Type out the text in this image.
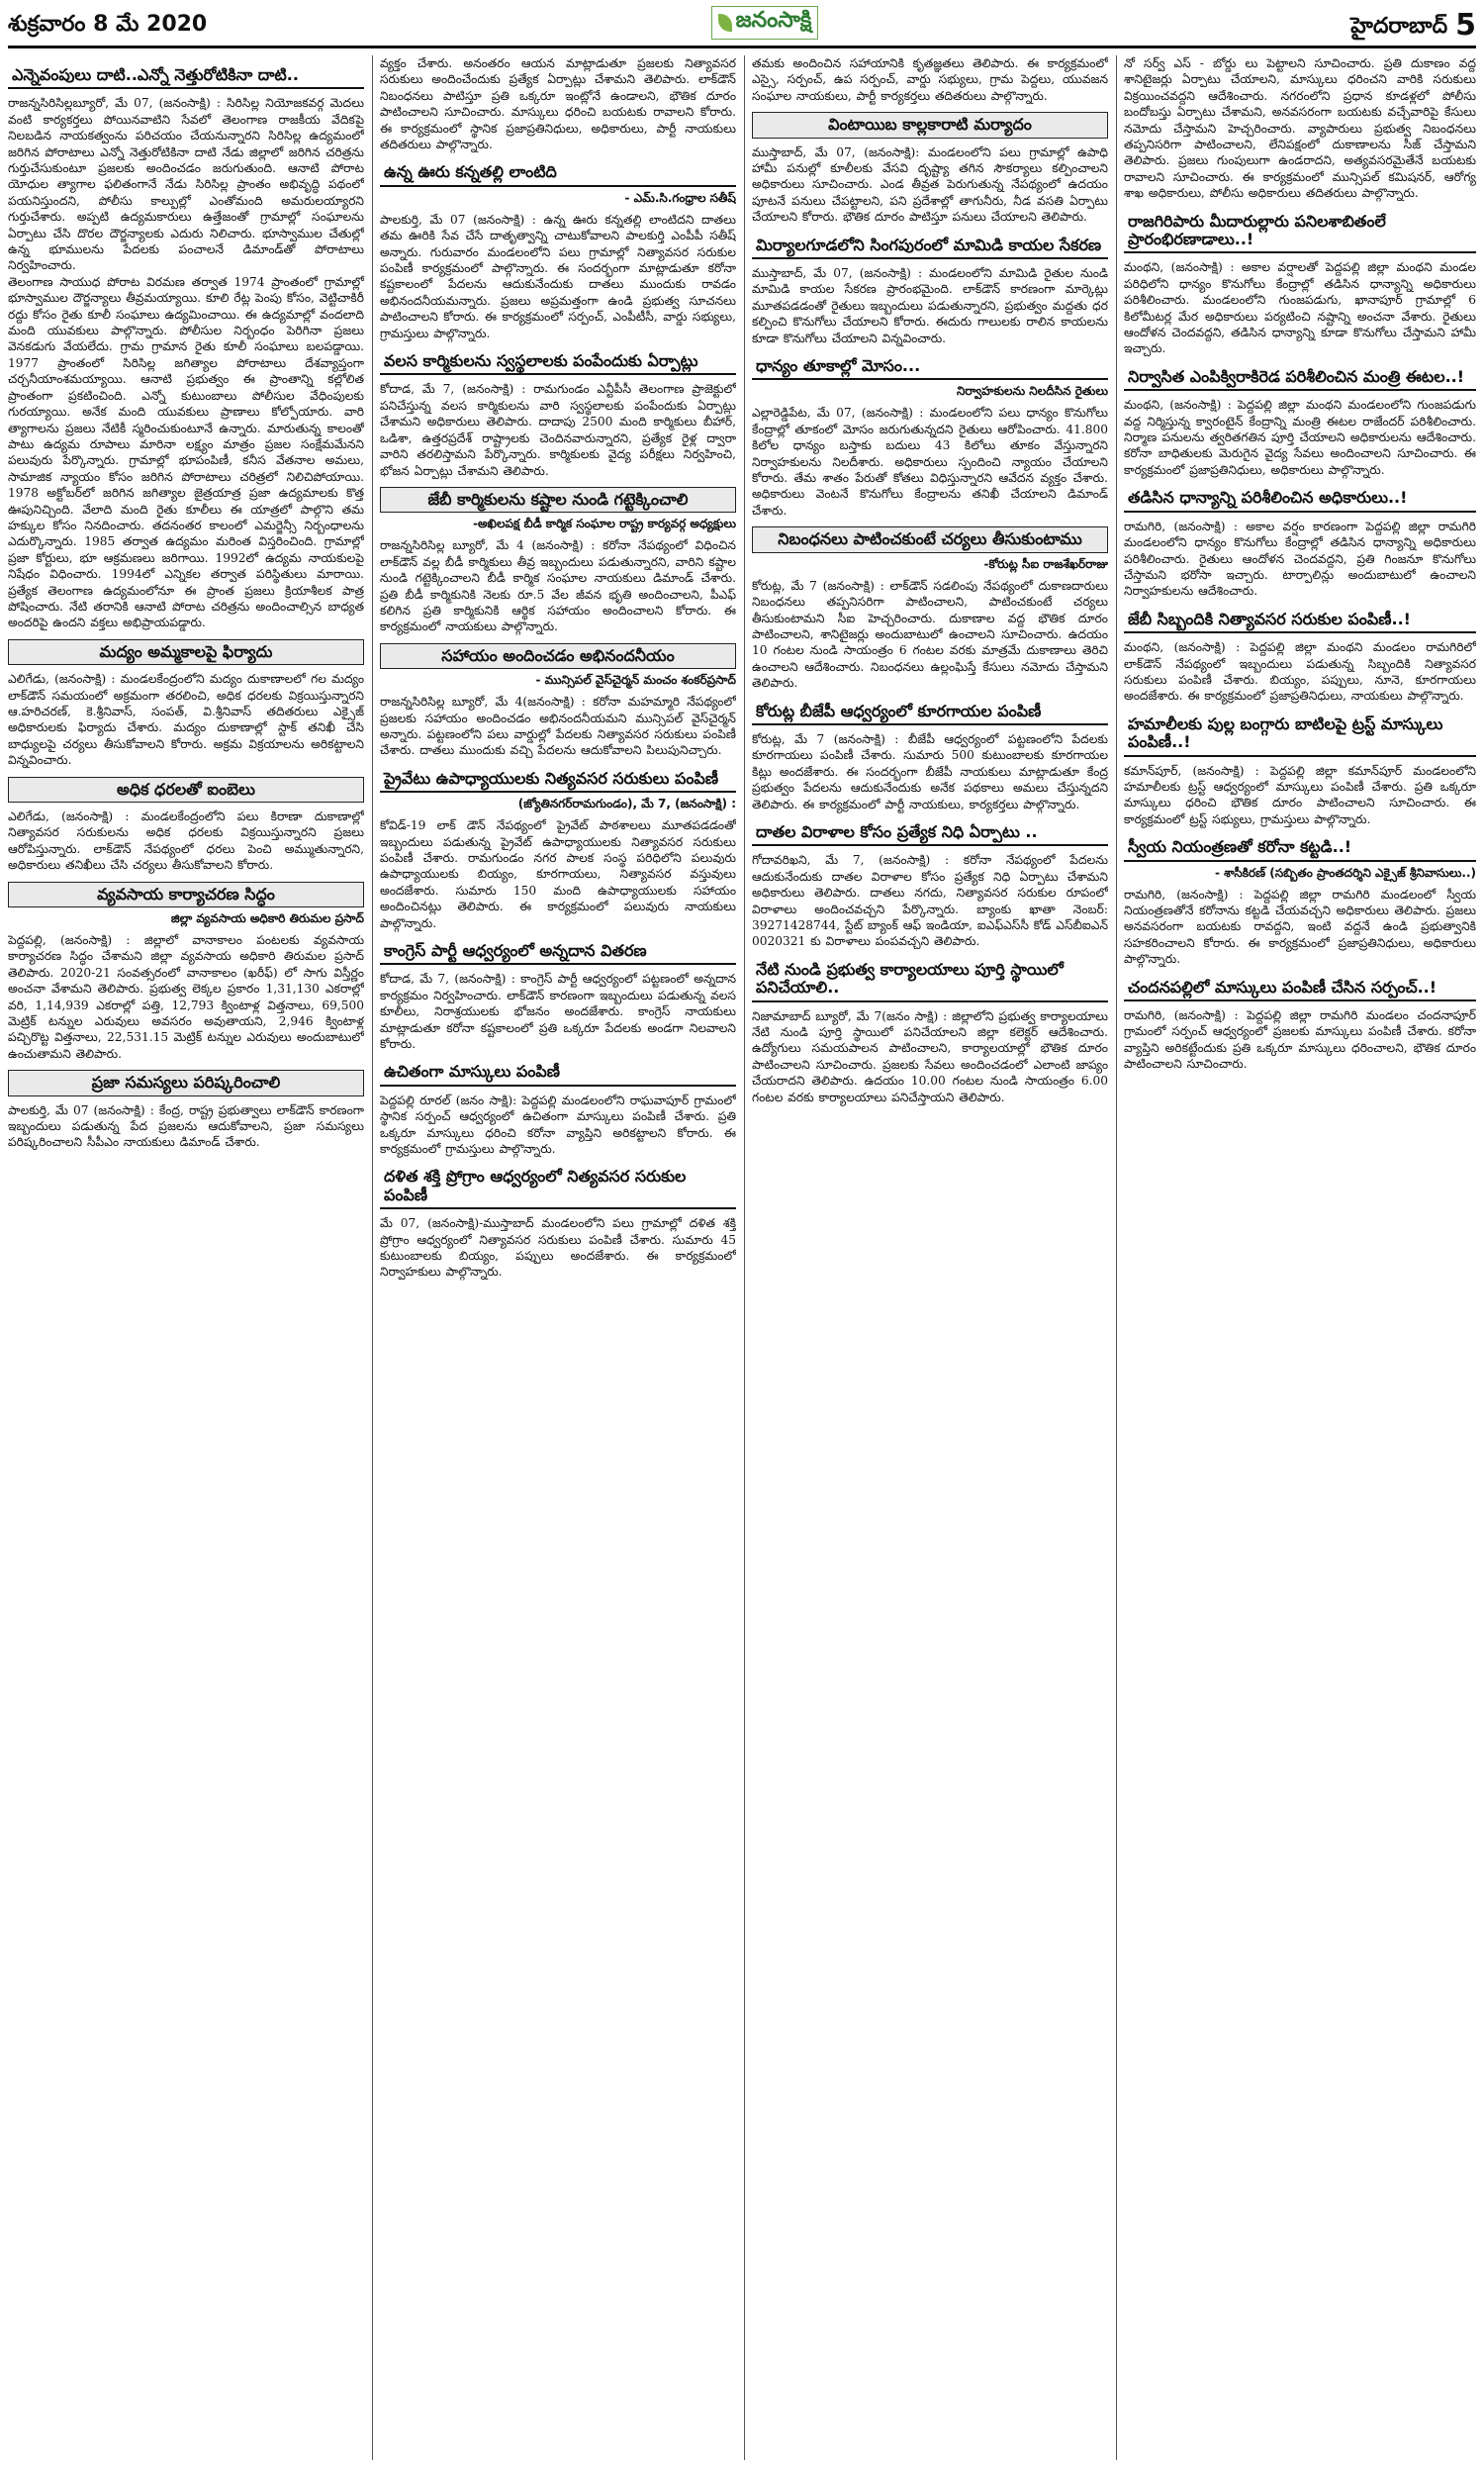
శుక్రవారం 8 మే 2020	జనంసాక్షి	హైదరాబాద్ 5
ఎన్నెవంపులు దాటి..ఎన్నో నెత్తురోటికినా దాటి..
రాజన్నసిరిసిల్లబ్యూరో, మే 07, (జనంసాక్షి) : సిరిసిల్ల నియోజకవర్గ మెదలు వంటి కార్యకర్తలు పోయినవాటిని సేవలో తెలంగాణ రాజకీయ వేదికపై నిలబడిన నాయకత్వంను పరిచయం చేయనున్నారని సిరిసిల్ల ఉద్యమంలో జరిగిన పోరాటాలు ఎన్నో నెత్తురోటికినా దాటి నేడు జిల్లాలో జరిగిన చరిత్రను గుర్తుచేసుకుంటూ ప్రజలకు అందించడం జరుగుతుంది. ఆనాటి పోరాట యోధుల త్యాగాల ఫలితంగానే నేడు సిరిసిల్ల ప్రాంతం అభివృద్ధి పథంలో పయనిస్తుందని, పోలీసు కాల్పుల్లో ఎంతోమంది అమరులయ్యారని గుర్తుచేశారు. అప్పటి ఉద్యమకారులు ఉత్తేజంతో గ్రామాల్లో సంఘాలను ఏర్పాటు చేసి దొరల దౌర్జన్యాలకు ఎదురు నిలిచారు. భూస్వాముల చేతుల్లో ఉన్న భూములను పేదలకు పంచాలనే డిమాండ్‌తో పోరాటాలు నిర్వహించారు.
తెలంగాణ సాయుధ పోరాట విరమణ తర్వాత 1974 ప్రాంతంలో గ్రామాల్లో భూస్వాముల దౌర్జన్యాలు తీవ్రమయ్యాయి. కూలి రేట్ల పెంపు కోసం, వెట్టిచాకిరీ రద్దు కోసం రైతు కూలీ సంఘాలు ఉద్యమించాయి. ఈ ఉద్యమాల్లో వందలాది మంది యువకులు పాల్గొన్నారు. పోలీసుల నిర్బంధం పెరిగినా ప్రజలు వెనకడుగు వేయలేదు. గ్రామ గ్రామాన రైతు కూలీ సంఘాలు బలపడ్డాయి. 1977 ప్రాంతంలో సిరిసిల్ల జగిత్యాల పోరాటాలు దేశవ్యాప్తంగా చర్చనీయాంశమయ్యాయి. ఆనాటి ప్రభుత్వం ఈ ప్రాంతాన్ని కల్లోలిత ప్రాంతంగా ప్రకటించింది. ఎన్నో కుటుంబాలు పోలీసుల వేధింపులకు గురయ్యాయి. అనేక మంది యువకులు ప్రాణాలు కోల్పోయారు. వారి త్యాగాలను ప్రజలు నేటికీ స్మరించుకుంటూనే ఉన్నారు. మారుతున్న కాలంతో పాటు ఉద్యమ రూపాలు మారినా లక్ష్యం మాత్రం ప్రజల సంక్షేమమేనని పలువురు పేర్కొన్నారు. గ్రామాల్లో భూపంపిణీ, కనీస వేతనాల అమలు, సామాజిక న్యాయం కోసం జరిగిన పోరాటాలు చరిత్రలో నిలిచిపోయాయి. 1978 అక్టోబర్‌లో జరిగిన జగిత్యాల జైత్రయాత్ర ప్రజా ఉద్యమాలకు కొత్త ఊపునిచ్చింది. వేలాది మంది రైతు కూలీలు ఈ యాత్రలో పాల్గొని తమ హక్కుల కోసం నినదించారు. తదనంతర కాలంలో ఎమర్జెన్సీ నిర్బంధాలను ఎదుర్కొన్నారు. 1985 తర్వాత ఉద్యమం మరింత విస్తరించింది. గ్రామాల్లో ప్రజా కోర్టులు, భూ ఆక్రమణలు జరిగాయి. 1992లో ఉద్యమ నాయకులపై నిషేధం విధించారు. 1994లో ఎన్నికల తర్వాత పరిస్థితులు మారాయి. ప్రత్యేక తెలంగాణ ఉద్యమంలోనూ ఈ ప్రాంత ప్రజలు క్రియాశీలక పాత్ర పోషించారు. నేటి తరానికి ఆనాటి పోరాట చరిత్రను అందించాల్సిన బాధ్యత అందరిపై ఉందని వక్తలు అభిప్రాయపడ్డారు.
మద్యం అమ్మకాలపై ఫిర్యాదు
ఎలిగేడు, (జనంసాక్షి) : మండలకేంద్రంలోని మద్యం దుకాణాలలో గల మద్యం లాక్‌డౌన్ సమయంలో అక్రమంగా తరలించి, అధిక ధరలకు విక్రయిస్తున్నారని ఆ.హరిచరణ్, కె.శ్రీనివాస్, సంపత్, వి.శ్రీనివాస్ తదితరులు ఎక్సైజ్ అధికారులకు ఫిర్యాదు చేశారు. మద్యం దుకాణాల్లో స్టాక్ తనిఖీ చేసి బాధ్యులపై చర్యలు తీసుకోవాలని కోరారు. అక్రమ విక్రయాలను అరికట్టాలని విన్నవించారు.
అధిక ధరలతో ఐంబెలు
ఎలిగేడు, (జనంసాక్షి) : మండలకేంద్రంలోని పలు కిరాణా దుకాణాల్లో నిత్యావసర సరుకులను అధిక ధరలకు విక్రయిస్తున్నారని ప్రజలు ఆరోపిస్తున్నారు. లాక్‌డౌన్ నేపథ్యంలో ధరలు పెంచి అమ్ముతున్నారని, అధికారులు తనిఖీలు చేసి చర్యలు తీసుకోవాలని కోరారు.
వ్యవసాయ కార్యాచరణ సిద్ధం
జిల్లా వ్యవసాయ అధికారి తిరుమల ప్రసాద్
పెద్దపల్లి, (జనంసాక్షి) : జిల్లాలో వానాకాలం పంటలకు వ్యవసాయ కార్యాచరణ సిద్ధం చేశామని జిల్లా వ్యవసాయ అధికారి తిరుమల ప్రసాద్ తెలిపారు. 2020-21 సంవత్సరంలో వానాకాలం (ఖరీఫ్) లో సాగు విస్తీర్ణం అంచనా వేశామని తెలిపారు. ప్రభుత్వ లెక్కల ప్రకారం 1,31,130 ఎకరాల్లో వరి, 1,14,939 ఎకరాల్లో పత్తి, 12,793 క్వింటాళ్ల విత్తనాలు, 69,500 మెట్రిక్ టన్నుల ఎరువులు అవసరం అవుతాయని, 2,946 క్వింటాళ్ల పచ్చిరొట్ట విత్తనాలు, 22,531.15 మెట్రిక్ టన్నుల ఎరువులు అందుబాటులో ఉంచుతామని తెలిపారు.
ప్రజా సమస్యలు పరిష్కరించాలి
పాలకుర్తి, మే 07 (జనంసాక్షి) : కేంద్ర, రాష్ట్ర ప్రభుత్వాలు లాక్‌డౌన్ కారణంగా ఇబ్బందులు పడుతున్న పేద ప్రజలను ఆదుకోవాలని, ప్రజా సమస్యలు పరిష్కరించాలని సీపీఎం నాయకులు డిమాండ్ చేశారు.
వ్యక్తం చేశారు. అనంతరం ఆయన మాట్లాడుతూ ప్రజలకు నిత్యావసర సరుకులు అందించేందుకు ప్రత్యేక ఏర్పాట్లు చేశామని తెలిపారు. లాక్‌డౌన్ నిబంధనలు పాటిస్తూ ప్రతి ఒక్కరూ ఇంట్లోనే ఉండాలని, భౌతిక దూరం పాటించాలని సూచించారు. మాస్కులు ధరించి బయటకు రావాలని కోరారు. ఈ కార్యక్రమంలో స్థానిక ప్రజాప్రతినిధులు, అధికారులు, పార్టీ నాయకులు తదితరులు పాల్గొన్నారు.
ఉన్న ఊరు కన్నతల్లి లాంటిది
- ఎమ్.సి.గంధ్రాల సతీష్
పాలకుర్తి, మే 07 (జనంసాక్షి) : ఉన్న ఊరు కన్నతల్లి లాంటిదని దాతలు తమ ఊరికి సేవ చేసే దాతృత్వాన్ని చాటుకోవాలని పాలకుర్తి ఎంపీపీ సతీష్ అన్నారు. గురువారం మండలంలోని పలు గ్రామాల్లో నిత్యావసర సరుకుల పంపిణీ కార్యక్రమంలో పాల్గొన్నారు. ఈ సందర్భంగా మాట్లాడుతూ కరోనా కష్టకాలంలో పేదలను ఆదుకునేందుకు దాతలు ముందుకు రావడం అభినందనీయమన్నారు. ప్రజలు అప్రమత్తంగా ఉండి ప్రభుత్వ సూచనలు పాటించాలని కోరారు. ఈ కార్యక్రమంలో సర్పంచ్, ఎంపీటీసీ, వార్డు సభ్యులు, గ్రామస్తులు పాల్గొన్నారు.
వలస కార్మికులను స్వస్థలాలకు పంపేందుకు ఏర్పాట్లు
కోదాడ, మే 7, (జనంసాక్షి) : రామగుండం ఎన్టీపీసీ తెలంగాణ ప్రాజెక్టులో పనిచేస్తున్న వలస కార్మికులను వారి స్వస్థలాలకు పంపేందుకు ఏర్పాట్లు చేశామని అధికారులు తెలిపారు. దాదాపు 2500 మంది కార్మికులు బీహార్, ఒడిశా, ఉత్తరప్రదేశ్ రాష్ట్రాలకు చెందినవారున్నారని, ప్రత్యేక రైళ్ల ద్వారా వారిని తరలిస్తామని పేర్కొన్నారు. కార్మికులకు వైద్య పరీక్షలు నిర్వహించి, భోజన ఏర్పాట్లు చేశామని తెలిపారు.
జేబీ కార్మికులను కష్టాల నుండి గట్టెక్కించాలి
-అఖిలపక్ష బీడీ కార్మిక సంఘాల రాష్ట్ర కార్యవర్గ అధ్యక్షులు
రాజన్నసిరిసిల్ల బ్యూరో, మే 4 (జనంసాక్షి) : కరోనా నేపథ్యంలో విధించిన లాక్‌డౌన్ వల్ల బీడీ కార్మికులు తీవ్ర ఇబ్బందులు పడుతున్నారని, వారిని కష్టాల నుండి గట్టెక్కించాలని బీడీ కార్మిక సంఘాల నాయకులు డిమాండ్ చేశారు. ప్రతి బీడీ కార్మికునికి నెలకు రూ.5 వేల జీవన భృతి అందించాలని, పీఎఫ్ కలిగిన ప్రతి కార్మికునికి ఆర్థిక సహాయం అందించాలని కోరారు. ఈ కార్యక్రమంలో నాయకులు పాల్గొన్నారు.
సహాయం అందించడం అభినందనీయం
- మున్సిపల్ వైస్‌చైర్మన్ మంచం శంకర్‌ప్రసాద్
రాజన్నసిరిసిల్ల బ్యూరో, మే 4(జనంసాక్షి) : కరోనా మహమ్మారి నేపథ్యంలో ప్రజలకు సహాయం అందించడం అభినందనీయమని మున్సిపల్ వైస్‌చైర్మన్ అన్నారు. పట్టణంలోని పలు వార్డుల్లో పేదలకు నిత్యావసర సరుకులు పంపిణీ చేశారు. దాతలు ముందుకు వచ్చి పేదలను ఆదుకోవాలని పిలుపునిచ్చారు.
ప్రైవేటు ఉపాధ్యాయులకు నిత్యవసర సరుకులు పంపిణీ
(జ్యోతినగర్‌రామగుండం), మే 7, (జనంసాక్షి) :
కోవిడ్-19 లాక్ డౌన్ నేపథ్యంలో ప్రైవేట్ పాఠశాలలు మూతపడడంతో ఇబ్బందులు పడుతున్న ప్రైవేట్ ఉపాధ్యాయులకు నిత్యావసర సరుకులు పంపిణీ చేశారు. రామగుండం నగర పాలక సంస్థ పరిధిలోని పలువురు ఉపాధ్యాయులకు బియ్యం, కూరగాయలు, నిత్యావసర వస్తువులు అందజేశారు. సుమారు 150 మంది ఉపాధ్యాయులకు సహాయం అందించినట్లు తెలిపారు. ఈ కార్యక్రమంలో పలువురు నాయకులు పాల్గొన్నారు.
కాంగ్రెస్ పార్టీ ఆధ్వర్యంలో అన్నదాన వితరణ
కోదాడ, మే 7, (జనంసాక్షి) : కాంగ్రెస్ పార్టీ ఆధ్వర్యంలో పట్టణంలో అన్నదాన కార్యక్రమం నిర్వహించారు. లాక్‌డౌన్ కారణంగా ఇబ్బందులు పడుతున్న వలస కూలీలు, నిరాశ్రయులకు భోజనం అందజేశారు. కాంగ్రెస్ నాయకులు మాట్లాడుతూ కరోనా కష్టకాలంలో ప్రతి ఒక్కరూ పేదలకు అండగా నిలవాలని కోరారు.
ఉచితంగా మాస్కులు పంపిణీ
పెద్దపల్లి రూరల్ (జనం సాక్షి): పెద్దపల్లి మండలంలోని రాఘవాపూర్ గ్రామంలో స్థానిక సర్పంచ్ ఆధ్వర్యంలో ఉచితంగా మాస్కులు పంపిణీ చేశారు. ప్రతి ఒక్కరూ మాస్కులు ధరించి కరోనా వ్యాప్తిని అరికట్టాలని కోరారు. ఈ కార్యక్రమంలో గ్రామస్తులు పాల్గొన్నారు.
దళిత శక్తి ప్రోగ్రాం ఆధ్వర్యంలో నిత్యవసర సరుకుల పంపిణీ
మే 07, (జనంసాక్షి)-ముస్తాబాద్ మండలంలోని పలు గ్రామాల్లో దళిత శక్తి ప్రోగ్రాం ఆధ్వర్యంలో నిత్యావసర సరుకులు పంపిణీ చేశారు. సుమారు 45 కుటుంబాలకు బియ్యం, పప్పులు అందజేశారు. ఈ కార్యక్రమంలో నిర్వాహకులు పాల్గొన్నారు.
తమకు అందించిన సహాయానికి కృతజ్ఞతలు తెలిపారు. ఈ కార్యక్రమంలో ఎస్సై, సర్పంచ్, ఉప సర్పంచ్, వార్డు సభ్యులు, గ్రామ పెద్దలు, యువజన సంఘాల నాయకులు, పార్టీ కార్యకర్తలు తదితరులు పాల్గొన్నారు.
వింటాయిబ కాల్లకారాటి మర్యాదం
ముస్తాబాద్, మే 07, (జనంసాక్షి): మండలంలోని పలు గ్రామాల్లో ఉపాధి హామీ పనుల్లో కూలీలకు వేసవి దృష్ట్యా తగిన సౌకర్యాలు కల్పించాలని అధికారులు సూచించారు. ఎండ తీవ్రత పెరుగుతున్న నేపథ్యంలో ఉదయం పూటనే పనులు చేపట్టాలని, పని ప్రదేశాల్లో తాగునీరు, నీడ వసతి ఏర్పాటు చేయాలని కోరారు. భౌతిక దూరం పాటిస్తూ పనులు చేయాలని తెలిపారు.
మిర్యాలగూడలోని సింగపురంలో మామిడి కాయల సేకరణ
ముస్తాబాద్, మే 07, (జనంసాక్షి) : మండలంలోని మామిడి రైతుల నుండి మామిడి కాయల సేకరణ ప్రారంభమైంది. లాక్‌డౌన్ కారణంగా మార్కెట్లు మూతపడడంతో రైతులు ఇబ్బందులు పడుతున్నారని, ప్రభుత్వం మద్దతు ధర కల్పించి కొనుగోలు చేయాలని కోరారు. ఈదురు గాలులకు రాలిన కాయలను కూడా కొనుగోలు చేయాలని విన్నవించారు.
ధాన్యం తూకాల్లో మోసం...
నిర్వాహకులను నిలదీసిన రైతులు
ఎల్లారెడ్డిపేట, మే 07, (జనంసాక్షి) : మండలంలోని పలు ధాన్యం కొనుగోలు కేంద్రాల్లో తూకంలో మోసం జరుగుతున్నదని రైతులు ఆరోపించారు. 41.800 కిలోల ధాన్యం బస్తాకు బదులు 43 కిలోలు తూకం వేస్తున్నారని నిర్వాహకులను నిలదీశారు. అధికారులు స్పందించి న్యాయం చేయాలని కోరారు. తేమ శాతం పేరుతో కోతలు విధిస్తున్నారని ఆవేదన వ్యక్తం చేశారు. అధికారులు వెంటనే కొనుగోలు కేంద్రాలను తనిఖీ చేయాలని డిమాండ్ చేశారు.
నిబంధనలు పాటించకుంటే చర్యలు తీసుకుంటాము
-కోరుట్ల సీఐ రాజశేఖర్‌రాజు
కోరుట్ల, మే 7 (జనంసాక్షి) : లాక్‌డౌన్ సడలింపు నేపథ్యంలో దుకాణదారులు నిబంధనలు తప్పనిసరిగా పాటించాలని, పాటించకుంటే చర్యలు తీసుకుంటామని సీఐ హెచ్చరించారు. దుకాణాల వద్ద భౌతిక దూరం పాటించాలని, శానిటైజర్లు అందుబాటులో ఉంచాలని సూచించారు. ఉదయం 10 గంటల నుండి సాయంత్రం 6 గంటల వరకు మాత్రమే దుకాణాలు తెరిచి ఉంచాలని ఆదేశించారు. నిబంధనలు ఉల్లంఘిస్తే కేసులు నమోదు చేస్తామని తెలిపారు.
కోరుట్ల బీజేపీ ఆధ్వర్యంలో కూరగాయల పంపిణీ
కోరుట్ల, మే 7 (జనంసాక్షి) : బీజేపీ ఆధ్వర్యంలో పట్టణంలోని పేదలకు కూరగాయలు పంపిణీ చేశారు. సుమారు 500 కుటుంబాలకు కూరగాయల కిట్లు అందజేశారు. ఈ సందర్భంగా బీజేపీ నాయకులు మాట్లాడుతూ కేంద్ర ప్రభుత్వం పేదలను ఆదుకునేందుకు అనేక పథకాలు అమలు చేస్తున్నదని తెలిపారు. ఈ కార్యక్రమంలో పార్టీ నాయకులు, కార్యకర్తలు పాల్గొన్నారు.
దాతల విరాళాల కోసం ప్రత్యేక నిధి ఏర్పాటు ..
గోదావరిఖని, మే 7, (జనంసాక్షి) : కరోనా నేపథ్యంలో పేదలను ఆదుకునేందుకు దాతల విరాళాల కోసం ప్రత్యేక నిధి ఏర్పాటు చేశామని అధికారులు తెలిపారు. దాతలు నగదు, నిత్యావసర సరుకుల రూపంలో విరాళాలు అందించవచ్చని పేర్కొన్నారు. బ్యాంకు ఖాతా నెంబర్: 39271428744, స్టేట్ బ్యాంక్ ఆఫ్ ఇండియా, ఐఎఫ్‌ఎస్‌సీ కోడ్ ఎస్‌బీఐఎన్ 0020321 కు విరాళాలు పంపవచ్చని తెలిపారు.
నేటి నుండి ప్రభుత్వ కార్యాలయాలు పూర్తి స్థాయిలో పనిచేయాలి..
నిజామాబాద్ బ్యూరో, మే 7(జనం సాక్షి) : జిల్లాలోని ప్రభుత్వ కార్యాలయాలు నేటి నుండి పూర్తి స్థాయిలో పనిచేయాలని జిల్లా కలెక్టర్ ఆదేశించారు. ఉద్యోగులు సమయపాలన పాటించాలని, కార్యాలయాల్లో భౌతిక దూరం పాటించాలని సూచించారు. ప్రజలకు సేవలు అందించడంలో ఎలాంటి జాప్యం చేయరాదని తెలిపారు. ఉదయం 10.00 గంటల నుండి సాయంత్రం 6.00 గంటల వరకు కార్యాలయాలు పనిచేస్తాయని తెలిపారు.
నో సర్వ్ ఎస్ - బోర్డు లు పెట్టాలని సూచించారు. ప్రతి దుకాణం వద్ద శానిటైజర్లు ఏర్పాటు చేయాలని, మాస్కులు ధరించని వారికి సరుకులు విక్రయించవద్దని ఆదేశించారు. నగరంలోని ప్రధాన కూడళ్లలో పోలీసు బందోబస్తు ఏర్పాటు చేశామని, అనవసరంగా బయటకు వచ్చేవారిపై కేసులు నమోదు చేస్తామని హెచ్చరించారు. వ్యాపారులు ప్రభుత్వ నిబంధనలు తప్పనిసరిగా పాటించాలని, లేనిపక్షంలో దుకాణాలను సీజ్ చేస్తామని తెలిపారు. ప్రజలు గుంపులుగా ఉండరాదని, అత్యవసరమైతేనే బయటకు రావాలని సూచించారు. ఈ కార్యక్రమంలో మున్సిపల్ కమిషనర్, ఆరోగ్య శాఖ అధికారులు, పోలీసు అధికారులు తదితరులు పాల్గొన్నారు.
రాజగిరిపారు మీదారుల్లారు పనిలశాబితంలే ప్రారంభిరణాడాలు..!
మంథని, (జనంసాక్షి) : అకాల వర్షాలతో పెద్దపల్లి జిల్లా మంథని మండల పరిధిలోని ధాన్యం కొనుగోలు కేంద్రాల్లో తడిసిన ధాన్యాన్ని అధికారులు పరిశీలించారు. మండలంలోని గుంజపడుగు, ఖానాపూర్ గ్రామాల్లో 6 కిలోమీటర్ల మేర అధికారులు పర్యటించి నష్టాన్ని అంచనా వేశారు. రైతులు ఆందోళన చెందవద్దని, తడిసిన ధాన్యాన్ని కూడా కొనుగోలు చేస్తామని హామీ ఇచ్చారు.
నిర్వాసిత ఎంపిక్విరాకిరెడ పరిశీలించిన మంత్రి ఈటల..!
మంథని, (జనంసాక్షి) : పెద్దపల్లి జిల్లా మంథని మండలంలోని గుంజపడుగు వద్ద నిర్మిస్తున్న క్వారంటైన్ కేంద్రాన్ని మంత్రి ఈటల రాజేందర్ పరిశీలించారు. నిర్మాణ పనులను త్వరితగతిన పూర్తి చేయాలని అధికారులను ఆదేశించారు. కరోనా బాధితులకు మెరుగైన వైద్య సేవలు అందించాలని సూచించారు. ఈ కార్యక్రమంలో ప్రజాప్రతినిధులు, అధికారులు పాల్గొన్నారు.
తడిసిన ధాన్యాన్ని పరిశీలించిన అధికారులు..!
రామగిరి, (జనంసాక్షి) : అకాల వర్షం కారణంగా పెద్దపల్లి జిల్లా రామగిరి మండలంలోని ధాన్యం కొనుగోలు కేంద్రాల్లో తడిసిన ధాన్యాన్ని అధికారులు పరిశీలించారు. రైతులు ఆందోళన చెందవద్దని, ప్రతి గింజనూ కొనుగోలు చేస్తామని భరోసా ఇచ్చారు. టార్పాలిన్లు అందుబాటులో ఉంచాలని నిర్వాహకులను ఆదేశించారు.
జేబీ సిబ్బందికి నిత్యావసర సరుకుల పంపిణీ..!
మంథని, (జనంసాక్షి) : పెద్దపల్లి జిల్లా మంథని మండలం రామగిరిలో లాక్‌డౌన్ నేపథ్యంలో ఇబ్బందులు పడుతున్న సిబ్బందికి నిత్యావసర సరుకులు పంపిణీ చేశారు. బియ్యం, పప్పులు, నూనె, కూరగాయలు అందజేశారు. ఈ కార్యక్రమంలో ప్రజాప్రతినిధులు, నాయకులు పాల్గొన్నారు.
హమాలీలకు పుల్ల బంగ్గారు బాటిలపై ట్రస్ట్ మాస్కులు పంపిణీ..!
కమాన్‌పూర్, (జనంసాక్షి) : పెద్దపల్లి జిల్లా కమాన్‌పూర్ మండలంలోని హమాలీలకు ట్రస్ట్ ఆధ్వర్యంలో మాస్కులు పంపిణీ చేశారు. ప్రతి ఒక్కరూ మాస్కులు ధరించి భౌతిక దూరం పాటించాలని సూచించారు. ఈ కార్యక్రమంలో ట్రస్ట్ సభ్యులు, గ్రామస్తులు పాల్గొన్నారు.
స్వీయ నియంత్రణతో కరోనా కట్టడి..!
- శాసీకిరణ్ (సబ్బితం ప్రాంతదర్శిని ఎక్సైజ్ శ్రీనివాసులు..)
రామగిరి, (జనంసాక్షి) : పెద్దపల్లి జిల్లా రామగిరి మండలంలో స్వీయ నియంత్రణతోనే కరోనాను కట్టడి చేయవచ్చని అధికారులు తెలిపారు. ప్రజలు అనవసరంగా బయటకు రావద్దని, ఇంటి వద్దనే ఉండి ప్రభుత్వానికి సహకరించాలని కోరారు. ఈ కార్యక్రమంలో ప్రజాప్రతినిధులు, అధికారులు పాల్గొన్నారు.
చందనపల్లిలో మాస్కులు పంపిణీ చేసిన సర్పంచ్..!
రామగిరి, (జనంసాక్షి) : పెద్దపల్లి జిల్లా రామగిరి మండలం చందనాపూర్ గ్రామంలో సర్పంచ్ ఆధ్వర్యంలో ప్రజలకు మాస్కులు పంపిణీ చేశారు. కరోనా వ్యాప్తిని అరికట్టేందుకు ప్రతి ఒక్కరూ మాస్కులు ధరించాలని, భౌతిక దూరం పాటించాలని సూచించారు.
